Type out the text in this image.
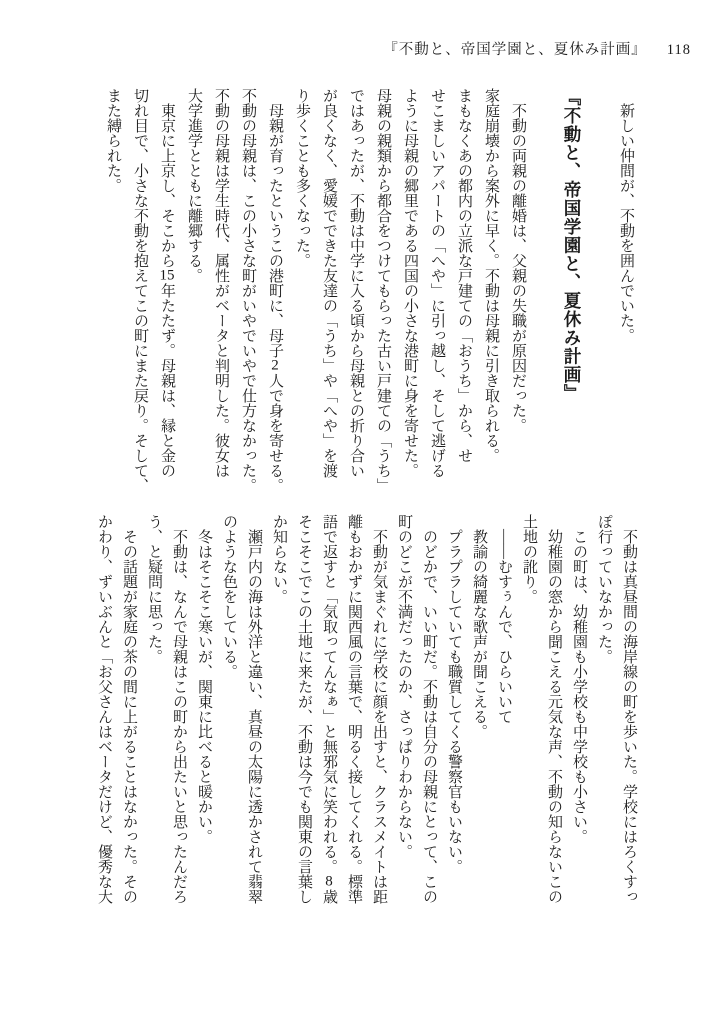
『不動と、帝国学園と、夏休み計画』 118

　新しい仲間が、不動を囲んでいた。

『不動と、帝国学園と、夏休み計画』

　不動の両親の離婚は、父親の失職が原因だった。

家庭崩壊から案外に早く。不動は母親に引き取られる。

まもなくあの都内の立派な戸建ての「おうち」から、せ

せこましいアパートの「へや」に引っ越し、そして逃げる

ように母親の郷里である四国の小さな港町に身を寄せた。

母親の親類から都合をつけてもらった古い戸建ての「うち」

ではあったが、不動は中学に入る頃から母親との折り合い

が良くなく、愛媛でできた友達の「うち」や「へや」を渡

り歩くことも多くなった。

　母親が育ったというこの港町に、母子2人で身を寄せる。

不動の母親は、この小さな町がいやでいやで仕方なかった。

不動の母親は学生時代、属性がベータと判明した。彼女は

大学進学とともに離郷する。

　東京に上京し、そこから15年たたず。母親は、縁と金の

切れ目で、小さな不動を抱えてこの町にまた戻り。そして、

また縛られた。

　不動は真昼間の海岸線の町を歩いた。学校にはろくすっ

ぽ行っていなかった。

　この町は、幼稚園も小学校も中学校も小さい。

　幼稚園の窓から聞こえる元気な声、不動の知らないこの

土地の訛り。

　――むすぅんで、ひらいいて

　教諭の綺麗な歌声が聞こえる。

　プラプラしていても職質してくる警察官もいない。

　のどかで、いい町だ。不動は自分の母親にとって、この

町のどこが不満だったのか、さっぱりわからない。

　不動が気まぐれに学校に顔を出すと、クラスメイトは距

離もおかずに関西風の言葉で、明るく接してくれる。標準

語で返すと「気取ってんなぁ」と無邪気に笑われる。8歳

そこそこでこの土地に来たが、不動は今でも関東の言葉し

か知らない。

　瀬戸内の海は外洋と違い、真昼の太陽に透かされて翡翠

のような色をしている。

　冬はそこそこ寒いが、関東に比べると暖かい。

　不動は、なんで母親はこの町から出たいと思ったんだろ

う、と疑問に思った。

　その話題が家庭の茶の間に上がることはなかった。その

かわり、ずいぶんと「お父さんはベータだけど、優秀な大
